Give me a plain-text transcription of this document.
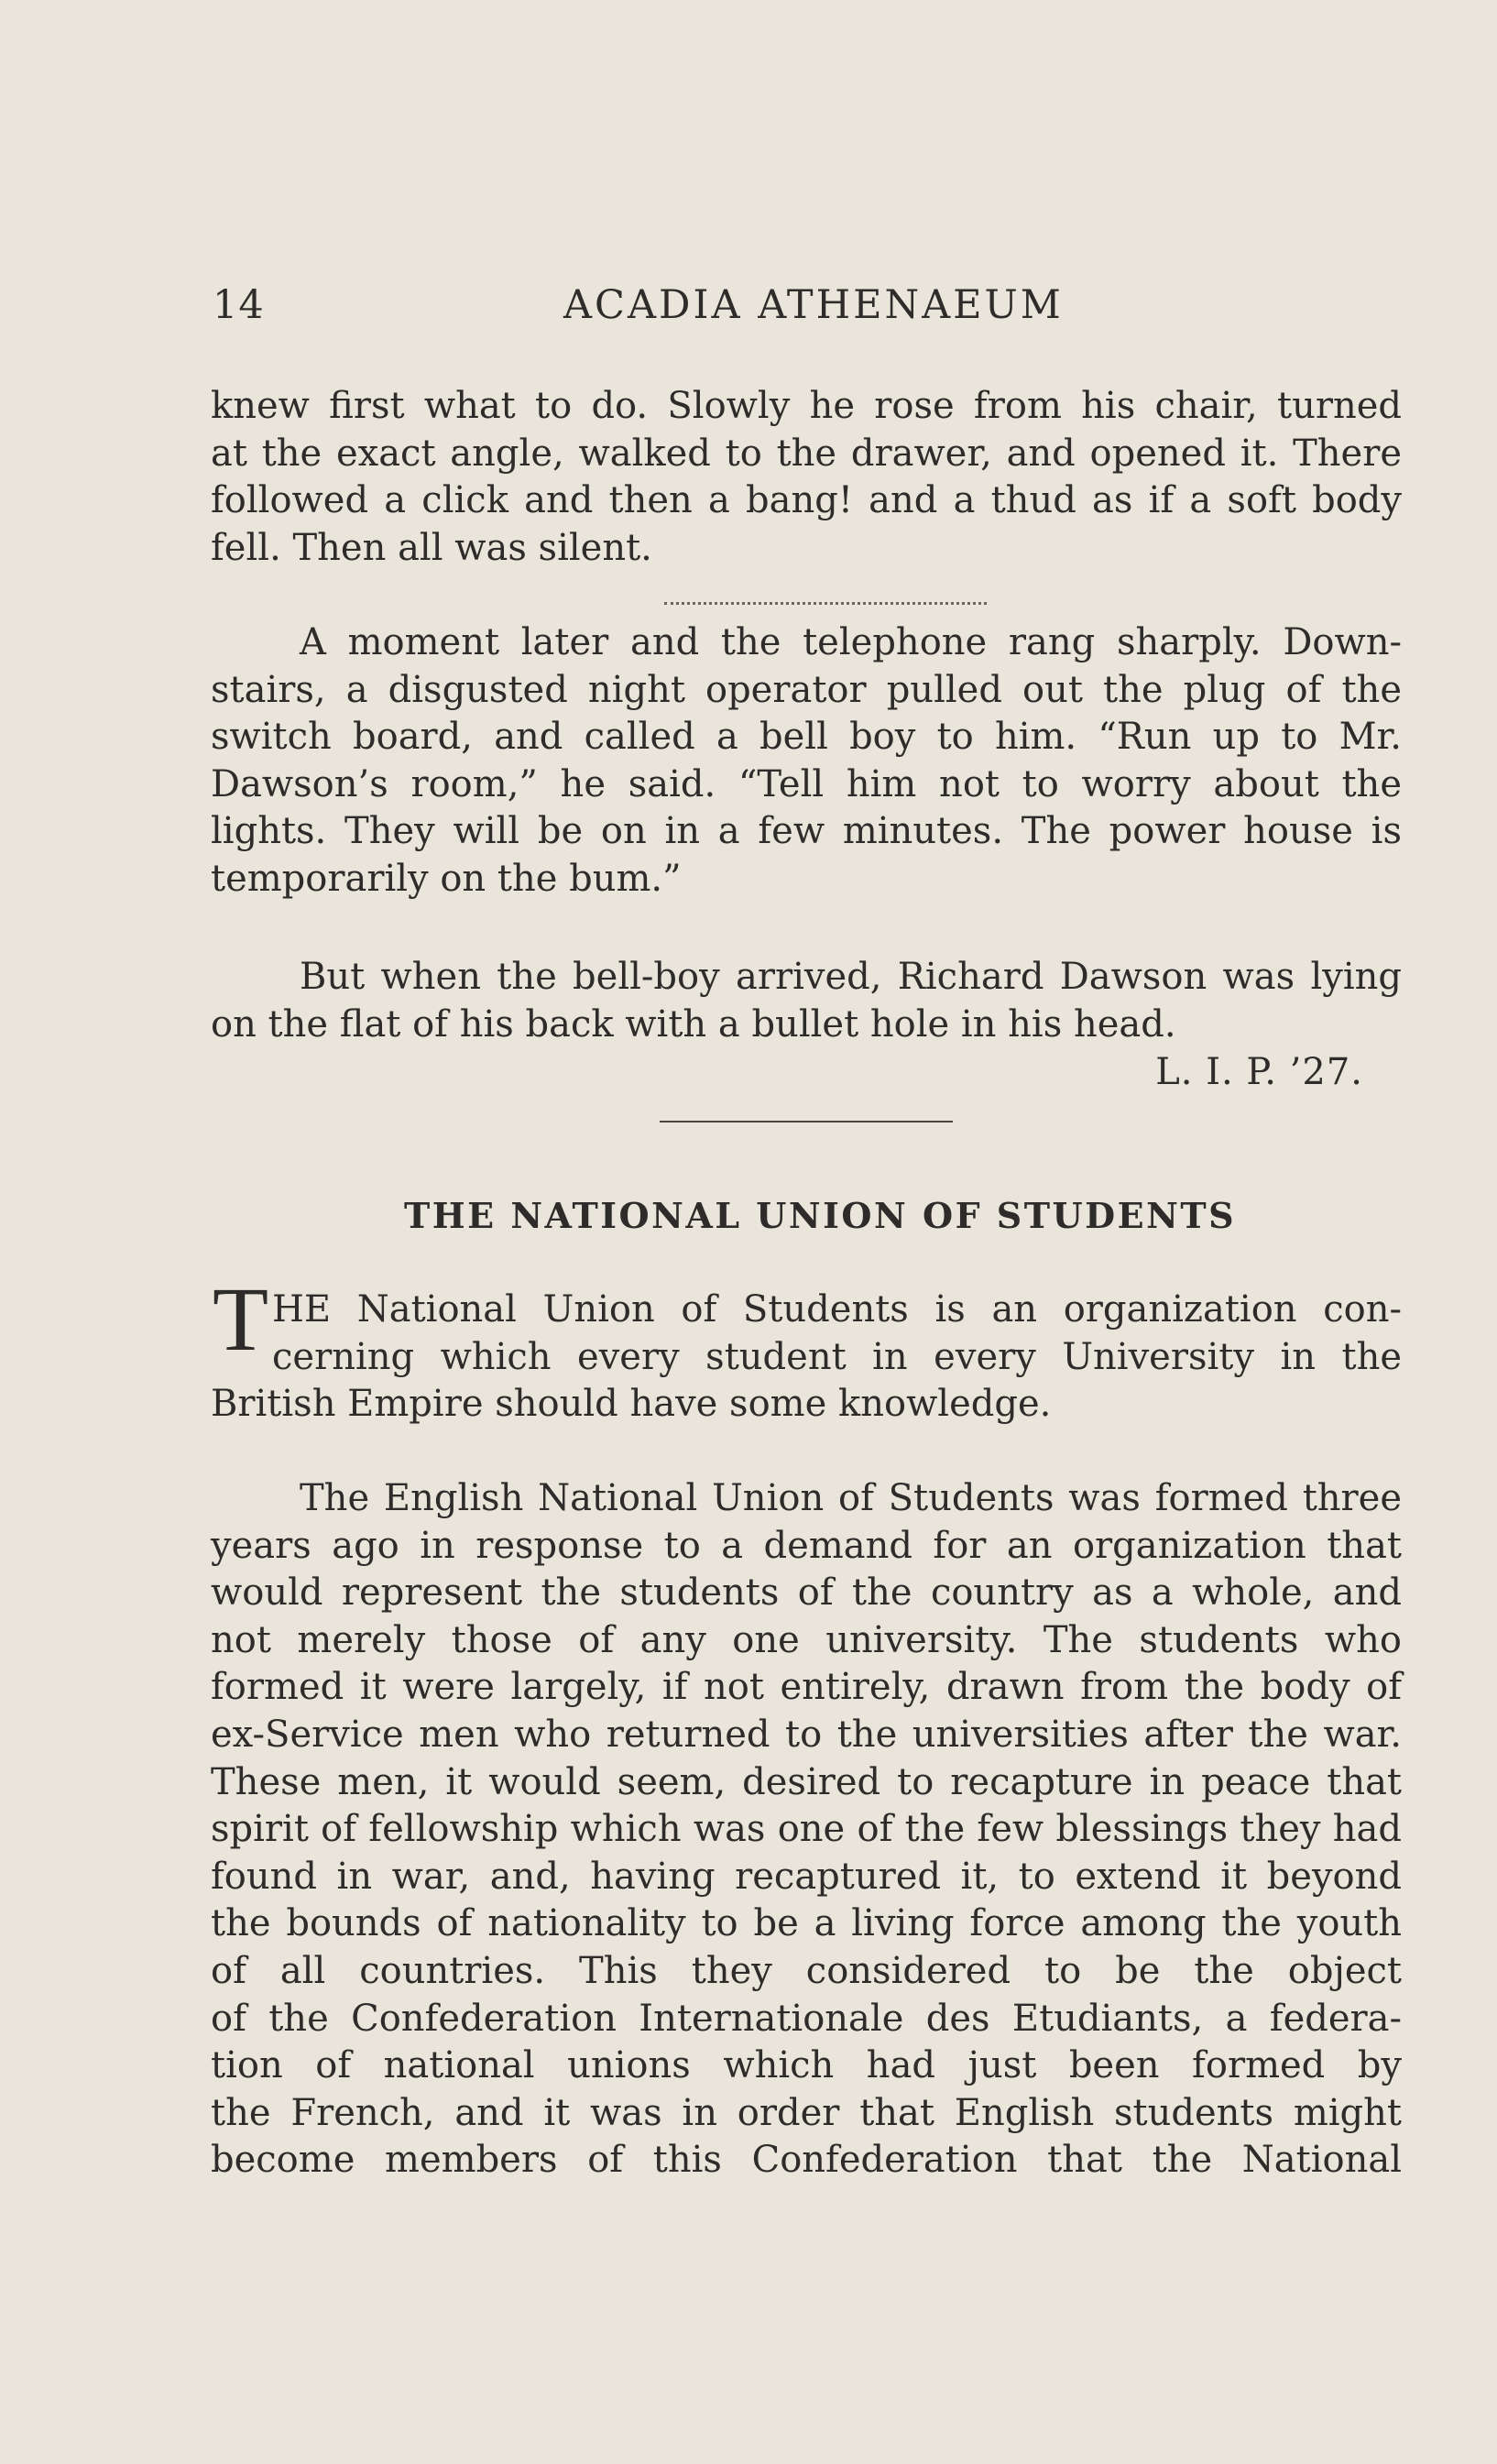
14	ACADIA ATHENAEUM
knew first what to do. Slowly he rose from his chair, turned
at the exact angle, walked to the drawer, and opened it. There
followed a click and then a bang! and a thud as if a soft body
fell. Then all was silent.
A moment later and the telephone rang sharply. Down-
stairs, a disgusted night operator pulled out the plug of the
switch board, and called a bell boy to him. “Run up to Mr.
Dawson’s room,” he said. “Tell him not to worry about the
lights. They will be on in a few minutes. The power house is
temporarily on the bum.”
But when the bell-boy arrived, Richard Dawson was lying
on the flat of his back with a bullet hole in his head.
L. I. P. ’27.
THE NATIONAL UNION OF STUDENTS
T HE National Union of Students is an organization con-
cerning which every student in every University in the
British Empire should have some knowledge.
The English National Union of Students was formed three
years ago in response to a demand for an organization that
would represent the students of the country as a whole, and
not merely those of any one university. The students who
formed it were largely, if not entirely, drawn from the body of
ex-Service men who returned to the universities after the war.
These men, it would seem, desired to recapture in peace that
spirit of fellowship which was one of the few blessings they had
found in war, and, having recaptured it, to extend it beyond
the bounds of nationality to be a living force among the youth
of all countries. This they considered to be the object
of the Confederation Internationale des Etudiants, a federa-
tion of national unions which had just been formed by
the French, and it was in order that English students might
become members of this Confederation that the National
